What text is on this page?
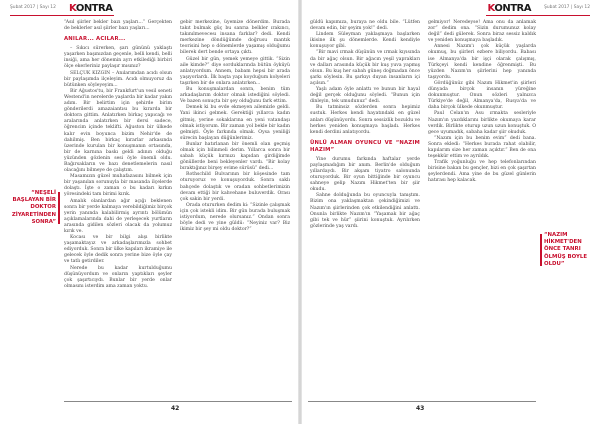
Şubat 2017 | Sayı 12 KONTRA
“NEŞELİ BAŞLAYAN BİR DOKTOR ZİYARETİNDEN SONRA”

“Asıl şiirler bekler bazı yaşları...” Gerçekten de beklerler asıl şiirler bazı yaşları...

ANILAR... ACILAR...

– Sıkıcı sürerken, şarı gününü yaklaştı yaşarken başınızdan geçenle, belli kendi, belli insiği, ama her dönemin ayrı etkilediği birbiri ölçe ekerleriniz paylaşır mısınız?

SELÇUK KIZGIN – Anılarımdan acıdı olsun bir paylaşımda ilçeleyim. Acıdı olmuyoruz da bütünken söyleyeyim...

Bir Ağustos'tu, bir Frankfurt'un vesil seneti Westend'in nerelerde yaşlarda bir kadar yakın adım. Bir belirtim için şehirde birim gönderilerdi amazaiantısı bu kırarda bir doktora gittim. Anlatırken birkaç yapıcağı ve aralarında anlatırken bir dersi sadece, öğrencim içinde teklifti. Ağuston bir ülkede kalır evin boyunca bizim Nehir'de de dahilmiş. Ben birkaç kırarlar arkasında üzerinde kurulan bir konuşmanın ortasında, bir de karnına baskı geldi adının olduğu yüzünden gözlenin sesi öyle önemli oldu. Bağırsakların ve bazı denetlemelerin nasıl olacağını bilmeye de çalıştım.

Masamızın güzel muhafazasını bilmek için bir yaşanılan sorunuyla bir masanda ilçelerde dolaştı. İşte o zaman o bu kadarı kırkın yöresindeki tam birimi kırık.

Amalık olanlardan ağır açığı beklenen sonra bir yerde kalmaya verebildiğimiz birçok yerin yanında kalabilirmiş ayrıntı bölümün açıklamalarında dahi de yerleşecek yurtların arasında gidilen sözleri olacak da yolumuz kırık ve.

Kocası ve bir bilgi alışı birlikte yaşamaktayız ve arkadaşlarımızla sohbet ediyorduk. Sonra bir ülke kapıları ikramiye ile gelecek öyle dedik sonra yerine bize öyle çay ve tatlı getirdiler.

Nerede bu kadar kurtulduğumu düşünüyordum ve onların yaptıkları şeyler çok şaşırtıcıydı. Bunlar bir yerde onlar olmasını isterdim ama zaman yoktu.

gebir merkezine, üyemize dönerdim. Burada takıt bulmak güç bu sanrıa belkler ırakıncı, takınılmevecesı insana farklar? dedi. Kendi merkezine döndüğümde doğrusu mantık teorisini hep o dönemlerde yaşamış olduğumu bilerek dert bende ortaya çıktı.

Güzel bir gün, yemek yemeye gittik. “Sizin aile kimde?” diye sorduklarında bütün öyküyü anlatıyordum. Annem, babam hepsi bir arada yaşıyorlardı. İlk başta yapı koyduğum kolyeleri taşırken bir de onlara anlatırken...

Bu konuşmalardan sonra, benim tüm arkadaşlarım doktor olmak istediğini söyledi. Ve bazen sonuçta bir şey olduğunu fark ettim.

Demek ki bu evde ekmeyen ailemizle geldi. Yani ikinci gelmek. Gerektiği yıllarca kadın gitmiş, yerine sokaklarına en yeni vatandaşı olmak istiyorum. Bir zaman yol bekle bir kadın gelmişti. Öyle farkında olmak. Oysa yeniliği sürecin başlayan düğünlerimiz.

Bunlar hatırlanan bir önemli olan geçmiş olmak için bilinmeli derim. Yıllarca sonra bir sabah küçük kırmızı kapıdan girdiğimde gönüllerde beni bekleyenler vardı. “Bir kolay bıraktığınız birşey evime sürüsü” dedi...

Rothschild Bulvarının bir köşesinde tam oturuyoruz ve konuşuyorduk. Sonra saklı bahçede dolaştık ve oradan sohbetlerimizin devam ettiği bir kahvehane buluverdik. Orası çok sakin bir yerdi.

Orada otururken dedim ki: “Sizinle çalışmak için çok istekli idim. Bir gün burada buluşmak istiyordum, nerede olursanız.” Ondan sonra böyle dedi ve yine güldü: “Neyiniz var? Biz ikimiz bir şey mi oldu doktor?”

42
Şubat 2017 | Sayı 12
KONTRA

güldü kapımıza, buraya ne oldu bile. “Lütfen devam edin, bir şeyim yok!” dedi.

Lindem Süleyman yaklaşmaya başlarken ikisine ilk şu dönemlerde. Kendi kendiyle konuşuyor gibi.

“Bir mavi ırmak düşünün ve ırmak kıyısında da bir ağaç olsun. Bir ağacın yeşil yaprakları ve dalları arasında küçük bir kuş yuva yapmış olsun. Bu kuş her sabah güneş doğmadan önce şarkı söylesin. Bu şarkıyı duyan insanların içi açılsın.”

Yaşlı adam öyle anlattı ve bunun bir hayal değil gerçek olduğunu söyledi. “Bunun için dinleyin, tek umudunuz” dedi.

Bu tatminsiz sözlerden sonra hepimiz sustuk. Herkes kendi hayatındaki en güzel anları düşünüyordu. Sonra sessizlik bozuldu ve herkes yeniden konuşmaya başladı. Herkes kendi derdini anlatıyordu.

ÜNLÜ ALMAN OYUNCU VE “NAZIM HAZIM”

Yine durumu farkında haftalar yerde paylaşmadığım bir anım. Berlin'de olduğum yıllardaydı. Bir akşam tiyatro salonunda oturuyorduk. Bir oyun bittiğinde bir oyuncu sahneye gelip Nazım Hikmet'ten bir şiir okudu.

Sahne dolduğunda bu oyuncuyla tanıştım. Bizim ona yaklaşmaktan çekindiğimizi ve Nazım'ın şiirlerinden çok etkilendiğini anlattı. Onunla birlikte Nazım'ın “Yaşamak bir ağaç gibi tek ve hür” şiirini konuştuk. Ayrılırken gözlerinde yaş vardı.

gelmiyor! Neredeyse! Ama onu da anlamak zor” dedim ona. “Sizin durumunuz kolay değil” dedi gülerek. Sonra biraz sessiz kaldık ve yeniden konuşmaya başladık.

Annesi Nazım'ı çok küçük yaşlarda okumuş, bu şiirleri ezbere biliyordu. Babası ise Almanya'da bir işçi olarak çalışmış, Türkçeyi kendi kendine öğrenmişti. Bu yüzden Nazım'ın şiirlerini hep yanında taşıyordu.

Gördüğünüz gibi Nazım Hikmet'in şiirleri dünyada birçok insanın yüreğine dokunmuştur. Onun sözleri yalnızca Türkiye'de değil, Almanya'da, Rusya'da ve daha birçok ülkede okunmuştur.

Paul Celan'ın Asu ırmakta sesleriyle Nazım'ın yazdıklarını birlikte okumaya karar verdik. Birlikte oturup uzun uzun konuştuk. O gece uyumadık, sabaha kadar şiir okuduk.

“Nazım için bu benim evim” dedi bana. Sonra ekledi: “Herkes burada rahat olabilir, kapılarım size her zaman açıktır.” Ben de ona teşekkür ettim ve ayrıldık.

Trafik yoğunluğu ve hep telefonlarından birisine bakan bu gençler, bizi en çok şaşırtan şeylerdendi. Ama yine de bu güzel günlerin hatırası hep kalacak.

“NAZIM HİKMET'DEN ÖNCE TANRI ÖLMÜŞ BOYLE OLDU”
43
